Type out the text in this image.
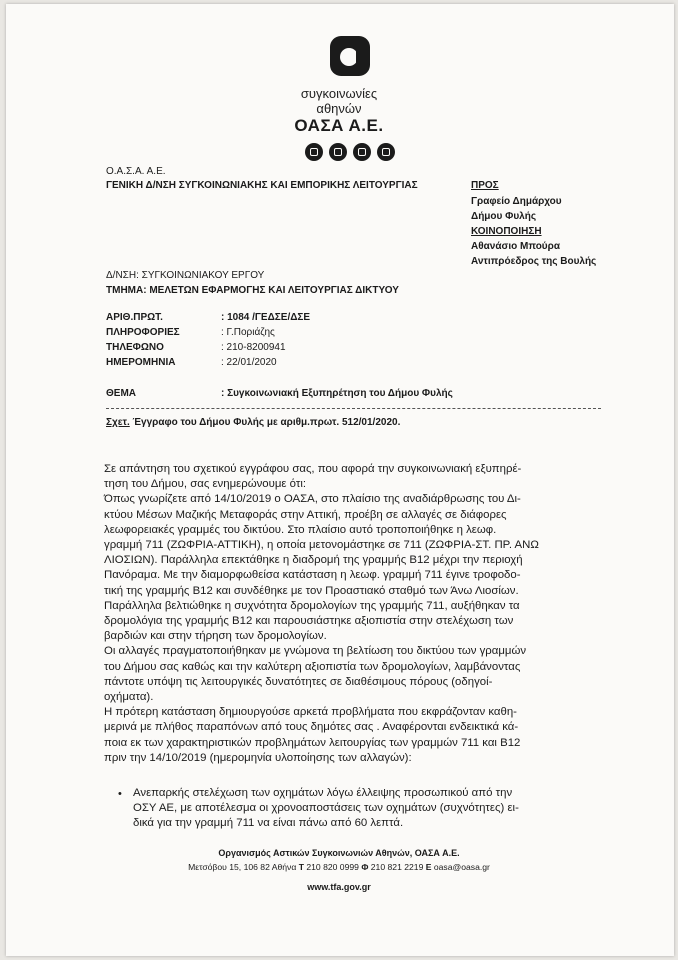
συγκοινωνίες
αθηνών
ΟΑΣΑ Α.Ε.
Ο.Α.Σ.Α. Α.Ε.
ΓΕΝΙΚΗ Δ/ΝΣΗ ΣΥΓΚΟΙΝΩΝΙΑΚΗΣ ΚΑΙ ΕΜΠΟΡΙΚΗΣ ΛΕΙΤΟΥΡΓΙΑΣ	ΠΡΟΣ
Γραφείο Δημάρχου
Δήμου Φυλής
ΚΟΙΝΟΠΟΙΗΣΗ
Αθανάσιο Μπούρα
Αντιπρόεδρος της Βουλής
Δ/ΝΣΗ: ΣΥΓΚΟΙΝΩΝΙΑΚΟΥ ΕΡΓΟΥ
ΤΜΗΜΑ: ΜΕΛΕΤΩΝ ΕΦΑΡΜΟΓΗΣ ΚΑΙ ΛΕΙΤΟΥΡΓΙΑΣ ΔΙΚΤΥΟΥ
ΑΡΙΘ.ΠΡΩΤ.	: 1084 /ΓΕΔΣΕ/ΔΣΕ
ΠΛΗΡΟΦΟΡΙΕΣ	: Γ.Ποριάζης
ΤΗΛΕΦΩΝΟ	: 210-8200941
ΗΜΕΡΟΜΗΝΙΑ	: 22/01/2020
ΘΕΜΑ	: Συγκοινωνιακή Εξυπηρέτηση του Δήμου Φυλής
Σχετ. Έγγραφο του Δήμου Φυλής με αριθμ.πρωτ. 512/01/2020.
Σε απάντηση του σχετικού εγγράφου σας, που αφορά την συγκοινωνιακή εξυπηρέ-
τηση του Δήμου, σας ενημερώνουμε ότι:
Όπως γνωρίζετε από 14/10/2019 ο ΟΑΣΑ, στο πλαίσιο της αναδιάρθρωσης του Δι-
κτύου Μέσων Μαζικής Μεταφοράς στην Αττική, προέβη σε αλλαγές σε διάφορες
λεωφορειακές γραμμές του δικτύου. Στο πλαίσιο αυτό τροποποιήθηκε η λεωφ.
γραμμή 711 (ΖΩΦΡΙΑ-ΑΤΤΙΚΗ), η οποία μετονομάστηκε σε 711 (ΖΩΦΡΙΑ-ΣΤ. ΠΡ. ΑΝΩ
ΛΙΟΣΙΩΝ). Παράλληλα επεκτάθηκε η διαδρομή της γραμμής Β12 μέχρι την περιοχή
Πανόραμα. Με την διαμορφωθείσα κατάσταση η λεωφ. γραμμή 711 έγινε τροφοδο-
τική της γραμμής Β12 και συνδέθηκε με τον Προαστιακό σταθμό των Άνω Λιοσίων.
Παράλληλα βελτιώθηκε η συχνότητα δρομολογίων της γραμμής 711, αυξήθηκαν τα
δρομολόγια της γραμμής Β12 και παρουσιάστηκε αξιοπιστία στην στελέχωση των
βαρδιών και στην τήρηση των δρομολογίων.
Οι αλλαγές πραγματοποιήθηκαν με γνώμονα τη βελτίωση του δικτύου των γραμμών
του Δήμου σας καθώς και την καλύτερη αξιοπιστία των δρομολογίων, λαμβάνοντας
πάντοτε υπόψη τις λειτουργικές δυνατότητες σε διαθέσιμους πόρους (οδηγοί-
οχήματα).
Η πρότερη κατάσταση δημιουργούσε αρκετά προβλήματα που εκφράζονταν καθη-
μερινά με πλήθος παραπόνων από τους δημότες σας . Αναφέρονται ενδεικτικά κά-
ποια εκ των χαρακτηριστικών προβλημάτων λειτουργίας των γραμμών 711 και Β12
πριν την 14/10/2019 (ημερομηνία υλοποίησης των αλλαγών):
• Ανεπαρκής στελέχωση των οχημάτων λόγω έλλειψης προσωπικού από την
ΟΣΥ ΑΕ, με αποτέλεσμα οι χρονοαποστάσεις των οχημάτων (συχνότητες) ει-
δικά για την γραμμή 711 να είναι πάνω από 60 λεπτά.
Οργανισμός Αστικών Συγκοινωνιών Αθηνών, ΟΑΣΑ Α.Ε.
Μετσόβου 15, 106 82 Αθήνα Τ 210 820 0999 Φ 210 821 2219 E oasa@oasa.gr
www.tfa.gov.gr
